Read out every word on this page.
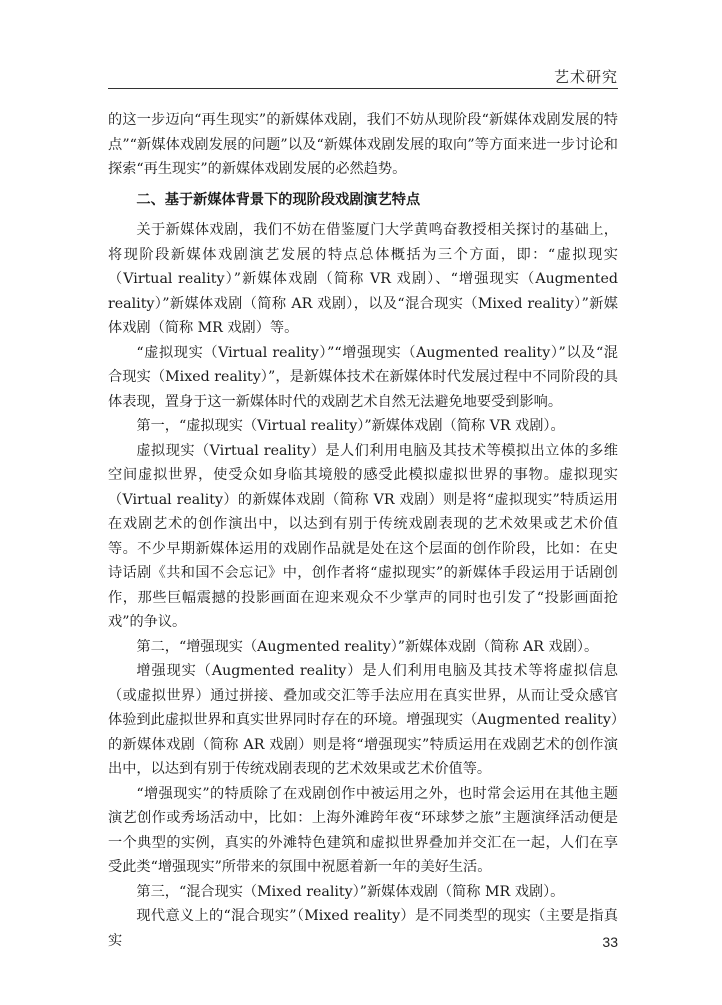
艺术研究

的这一步迈向“再生现实”的新媒体戏剧，我们不妨从现阶段“新媒体戏剧发展的特点”“新媒体戏剧发展的问题”以及“新媒体戏剧发展的取向”等方面来进一步讨论和探索“再生现实”的新媒体戏剧发展的必然趋势。

二、基于新媒体背景下的现阶段戏剧演艺特点

关于新媒体戏剧，我们不妨在借鉴厦门大学黄鸣奋教授相关探讨的基础上，将现阶段新媒体戏剧演艺发展的特点总体概括为三个方面，即：“虚拟现实（Virtual reality）”新媒体戏剧（简称 VR 戏剧）、“增强现实（Augmented reality）”新媒体戏剧（简称 AR 戏剧），以及“混合现实（Mixed reality）”新媒体戏剧（简称 MR 戏剧）等。

“虚拟现实（Virtual reality）”“增强现实（Augmented reality）”以及“混合现实（Mixed reality）”，是新媒体技术在新媒体时代发展过程中不同阶段的具体表现，置身于这一新媒体时代的戏剧艺术自然无法避免地要受到影响。

第一，“虚拟现实（Virtual reality）”新媒体戏剧（简称 VR 戏剧）。

虚拟现实（Virtual reality）是人们利用电脑及其技术等模拟出立体的多维空间虚拟世界，使受众如身临其境般的感受此模拟虚拟世界的事物。虚拟现实（Virtual reality）的新媒体戏剧（简称 VR 戏剧）则是将“虚拟现实”特质运用在戏剧艺术的创作演出中，以达到有别于传统戏剧表现的艺术效果或艺术价值等。不少早期新媒体运用的戏剧作品就是处在这个层面的创作阶段，比如：在史诗话剧《共和国不会忘记》中，创作者将“虚拟现实”的新媒体手段运用于话剧创作，那些巨幅震撼的投影画面在迎来观众不少掌声的同时也引发了“投影画面抢戏”的争议。

第二，“增强现实（Augmented reality）”新媒体戏剧（简称 AR 戏剧）。

增强现实（Augmented reality）是人们利用电脑及其技术等将虚拟信息（或虚拟世界）通过拼接、叠加或交汇等手法应用在真实世界，从而让受众感官体验到此虚拟世界和真实世界同时存在的环境。增强现实（Augmented reality）的新媒体戏剧（简称 AR 戏剧）则是将“增强现实”特质运用在戏剧艺术的创作演出中，以达到有别于传统戏剧表现的艺术效果或艺术价值等。

“增强现实”的特质除了在戏剧创作中被运用之外，也时常会运用在其他主题演艺创作或秀场活动中，比如：上海外滩跨年夜“环球梦之旅”主题演绎活动便是一个典型的实例，真实的外滩特色建筑和虚拟世界叠加并交汇在一起，人们在享受此类“增强现实”所带来的氛围中祝愿着新一年的美好生活。

第三，“混合现实（Mixed reality）”新媒体戏剧（简称 MR 戏剧）。

现代意义上的“混合现实”（Mixed reality）是不同类型的现实（主要是指真实	33
